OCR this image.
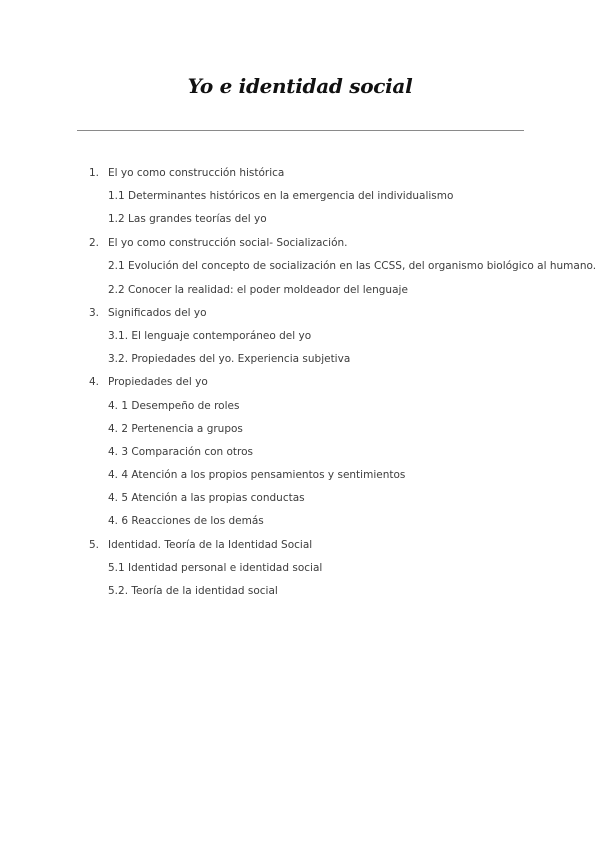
Yo e identidad social
1. El yo como construcción histórica
1.1 Determinantes históricos en la emergencia del individualismo
1.2 Las grandes teorías del yo
2. El yo como construcción social- Socialización.
2.1 Evolución del concepto de socialización en las CCSS, del organismo biológico al humano.
2.2 Conocer la realidad: el poder moldeador del lenguaje
3. Significados del yo
3.1. El lenguaje contemporáneo del yo
3.2. Propiedades del yo. Experiencia subjetiva
4. Propiedades del yo
4. 1 Desempeño de roles
4. 2 Pertenencia a grupos
4. 3 Comparación con otros
4. 4 Atención a los propios pensamientos y sentimientos
4. 5 Atención a las propias conductas
4. 6 Reacciones de los demás
5. Identidad. Teoría de la Identidad Social
5.1 Identidad personal e identidad social
5.2. Teoría de la identidad social
